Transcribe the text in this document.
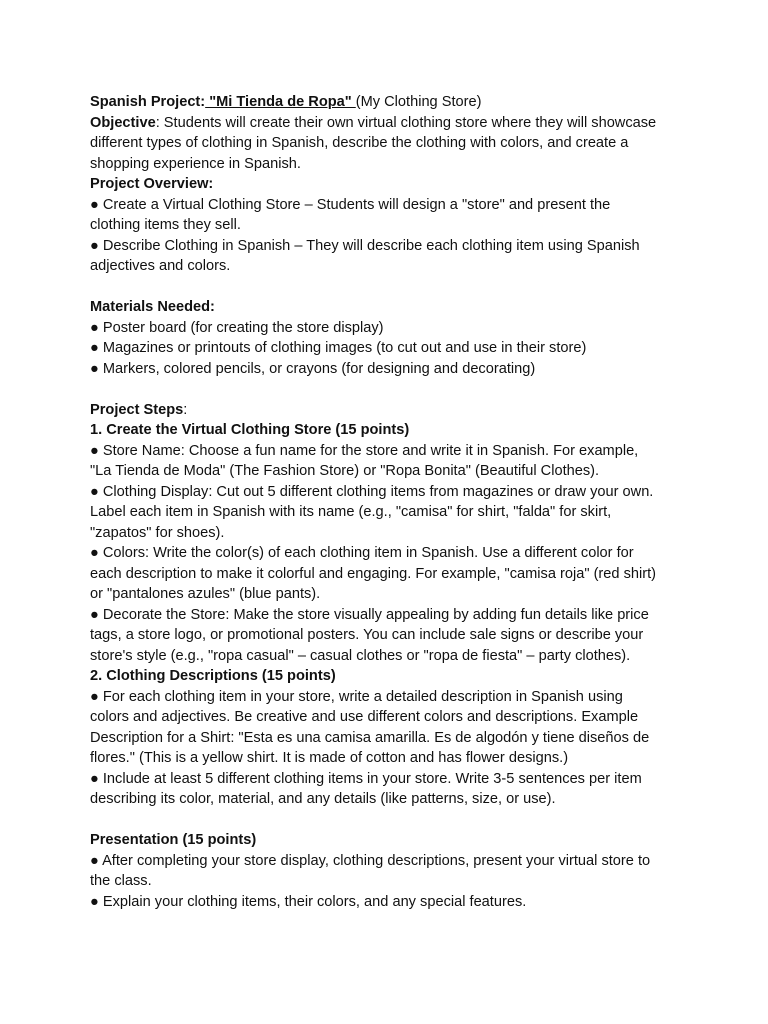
Spanish Project: "Mi Tienda de Ropa" (My Clothing Store)
Objective: Students will create their own virtual clothing store where they will showcase
different types of clothing in Spanish, describe the clothing with colors, and create a
shopping experience in Spanish.
Project Overview:
● Create a Virtual Clothing Store – Students will design a "store" and present the
clothing items they sell.
● Describe Clothing in Spanish – They will describe each clothing item using Spanish
adjectives and colors.
Materials Needed:
● Poster board (for creating the store display)
● Magazines or printouts of clothing images (to cut out and use in their store)
● Markers, colored pencils, or crayons (for designing and decorating)
Project Steps:
1. Create the Virtual Clothing Store (15 points)
● Store Name: Choose a fun name for the store and write it in Spanish. For example,
"La Tienda de Moda" (The Fashion Store) or "Ropa Bonita" (Beautiful Clothes).
● Clothing Display: Cut out 5 different clothing items from magazines or draw your own.
Label each item in Spanish with its name (e.g., "camisa" for shirt, "falda" for skirt,
"zapatos" for shoes).
● Colors: Write the color(s) of each clothing item in Spanish. Use a different color for
each description to make it colorful and engaging. For example, "camisa roja" (red shirt)
or "pantalones azules" (blue pants).
● Decorate the Store: Make the store visually appealing by adding fun details like price
tags, a store logo, or promotional posters. You can include sale signs or describe your
store's style (e.g., "ropa casual" – casual clothes or "ropa de fiesta" – party clothes).
2. Clothing Descriptions (15 points)
● For each clothing item in your store, write a detailed description in Spanish using
colors and adjectives. Be creative and use different colors and descriptions. Example
Description for a Shirt: "Esta es una camisa amarilla. Es de algodón y tiene diseños de
flores." (This is a yellow shirt. It is made of cotton and has flower designs.)
● Include at least 5 different clothing items in your store. Write 3-5 sentences per item
describing its color, material, and any details (like patterns, size, or use).
Presentation (15 points)
● After completing your store display, clothing descriptions, present your virtual store to
the class.
● Explain your clothing items, their colors, and any special features.
